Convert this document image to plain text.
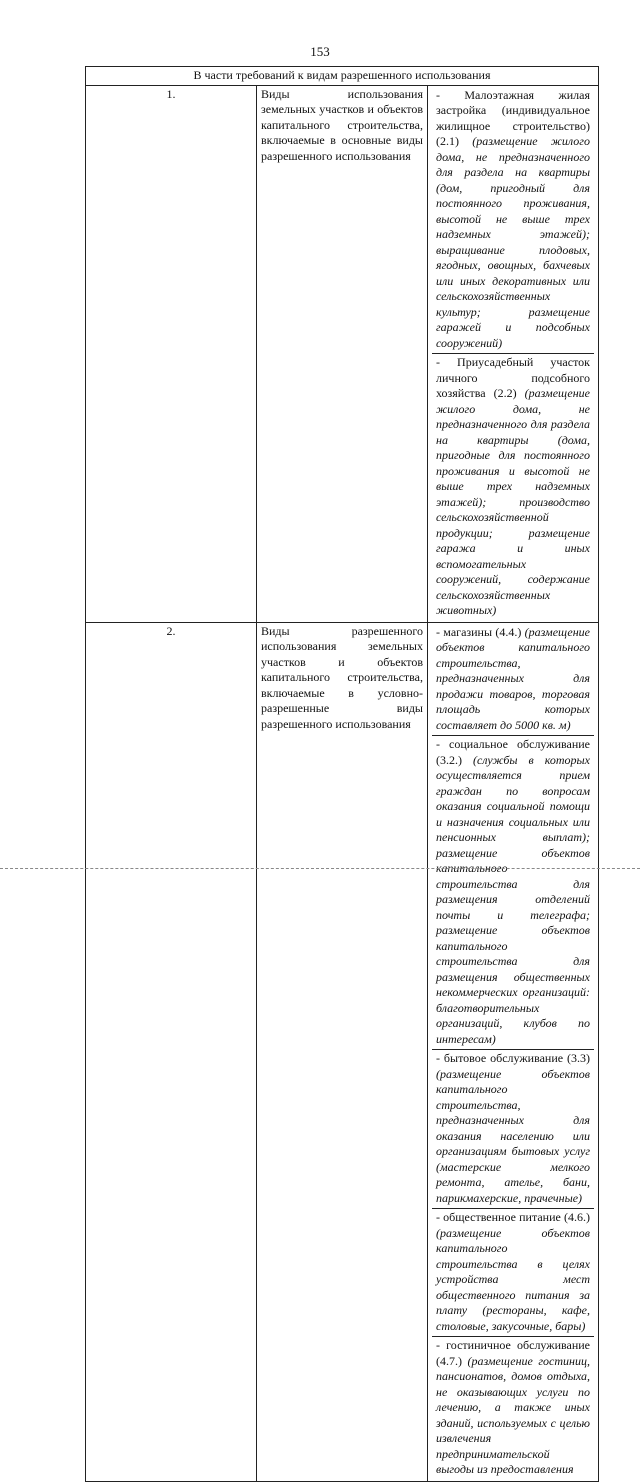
153
В части требований к видам разрешенного использования		
1.	Виды использования земельных участков и объектов капитального строительства, включаемые в основные виды разрешенного использования	- Малоэтажная жилая застройка (индивидуальное жилищное строительство) (2.1) (размещение жилого дома, не предназначенного для раздела на квартиры (дом, пригодный для постоянного проживания, высотой не выше трех надземных этажей); выращивание плодовых, ягодных, овощных, бахчевых или иных декоративных или сельскохозяйственных культур; размещение гаражей и подсобных сооружений)
- Приусадебный участок личного подсобного хозяйства (2.2) (размещение жилого дома, не предназначенного для раздела на квартиры (дома, пригодные для постоянного проживания и высотой не выше трех надземных этажей); производство сельскохозяйственной продукции; размещение гаража и иных вспомогательных сооружений, содержание сельскохозяйственных животных)

2.	Виды разрешенного использования земельных участков и объектов капитального строительства, включаемые в условно-разрешенные виды разрешенного использования	- магазины (4.4.) (размещение объектов капитального строительства, предназначенных для продажи товаров, торговая площадь которых составляет до 5000 кв. м)
- социальное обслуживание (3.2.) (службы в которых осуществляется прием граждан по вопросам оказания социальной помощи и назначения социальных или пенсионных выплат); размещение объектов капитального строительства для размещения отделений почты и телеграфа; размещение объектов капитального строительства для размещения общественных некоммерческих организаций: благотворительных организаций, клубов по интересам)
- бытовое обслуживание (3.3) (размещение объектов капитального строительства, предназначенных для оказания населению или организациям бытовых услуг (мастерские мелкого ремонта, ателье, бани, парикмахерские, прачечные)
- общественное питание (4.6.) (размещение объектов капитального строительства в целях устройства мест общественного питания за плату (рестораны, кафе, столовые, закусочные, бары)
- гостиничное обслуживание (4.7.) (размещение гостиниц, пансионатов, домов отдыха, не оказывающих услуги по лечению, а также иных зданий, используемых с целью извлечения предпринимательской выгоды из предоставления
